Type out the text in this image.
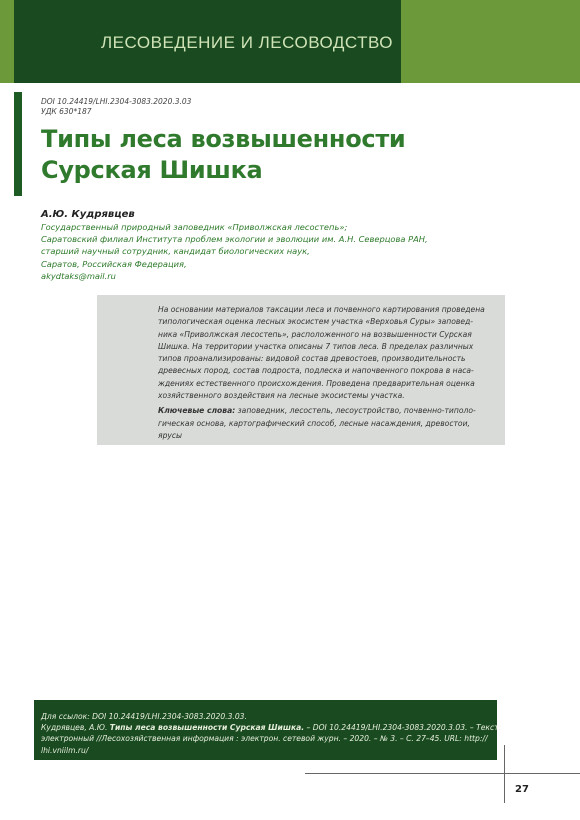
ЛЕСОВЕДЕНИЕ И ЛЕСОВОДСТВО
DOI 10.24419/LHI.2304-3083.2020.3.03
УДК 630*187
Типы леса возвышенности
Сурская Шишка
А.Ю. Кудрявцев
Государственный природный заповедник «Приволжская лесостепь»;
Саратовский филиал Института проблем экологии и эволюции им. А.Н. Северцова РАН,
старший научный сотрудник, кандидат биологических наук,
Саратов, Российская Федерация,
akydtaks@mail.ru
На основании материалов таксации леса и почвенного картирования проведена
типологическая оценка лесных экосистем участка «Верховья Суры» заповед-
ника «Приволжская лесостепь», расположенного на возвышенности Сурская
Шишка. На территории участка описаны 7 типов леса. В пределах различных
типов проанализированы: видовой состав древостоев, производительность
древесных пород, состав подроста, подлеска и напочвенного покрова в наса-
ждениях естественного происхождения. Проведена предварительная оценка
хозяйственного воздействия на лесные экосистемы участка.
Ключевые слова: заповедник, лесостепь, лесоустройство, почвенно-типоло-
гическая основа, картографический способ, лесные насаждения, древостои,
ярусы
Для ссылок: DOI 10.24419/LHI.2304-3083.2020.3.03.
Кудрявцев, А.Ю. Типы леса возвышенности Сурская Шишка. – DOI 10.24419/LHI.2304-3083.2020.3.03. – Текст:
электронный //Лесохозяйственная информация : электрон. сетевой журн. – 2020. – № 3. – С. 27–45. URL: http://
lhi.vniilm.ru/
27
